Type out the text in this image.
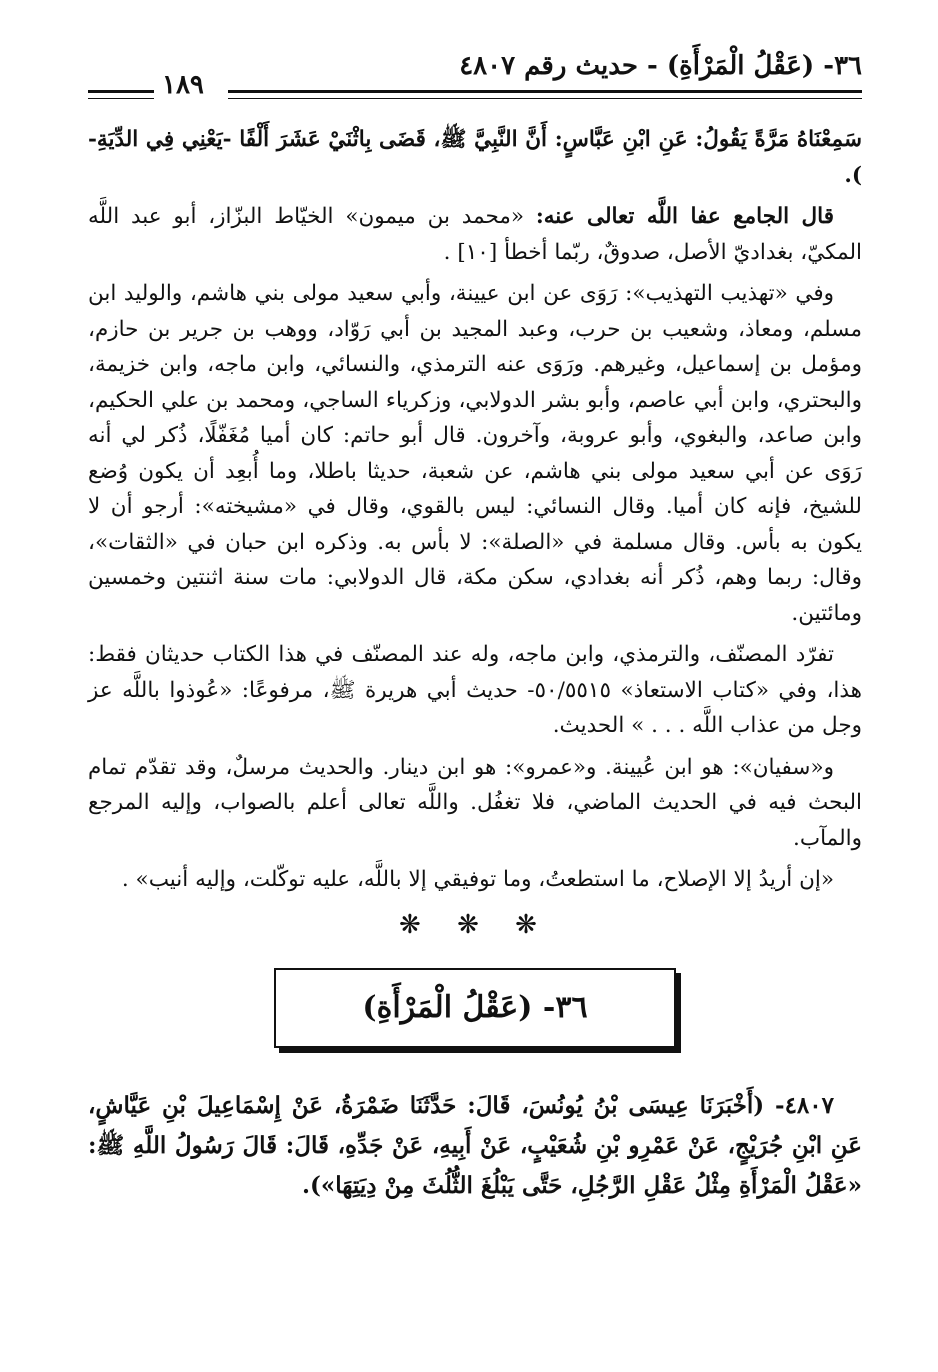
٣٦- (عَقْلُ الْمَرْأَةِ) - حديث رقم ٤٨٠٧
١٨٩

سَمِعْنَاهُ مَرَّةً يَقُولُ: عَنِ ابْنِ عَبَّاسٍ: أَنَّ النَّبِيَّ ﷺ، قَضَى بِاثْنَيْ عَشَرَ أَلْفًا -يَعْنِي فِي الدِّيَةِ- ).

قال الجامع عفا اللَّه تعالى عنه: «محمد بن ميمون» الخيّاط البزّاز، أبو عبد اللَّه المكيّ، بغداديّ الأصل، صدوقٌ، ربّما أخطأ [١٠] .

وفي «تهذيب التهذيب»: رَوَى عن ابن عيينة، وأبي سعيد مولى بني هاشم، والوليد ابن مسلم، ومعاذ، وشعيب بن حرب، وعبد المجيد بن أبي رَوّاد، ووهب بن جرير بن حازم، ومؤمل بن إسماعيل، وغيرهم. ورَوَى عنه الترمذي، والنسائي، وابن ماجه، وابن خزيمة، والبحتري، وابن أبي عاصم، وأبو بشر الدولابي، وزكرياء الساجي، ومحمد بن علي الحكيم، وابن صاعد، والبغوي، وأبو عروبة، وآخرون. قال أبو حاتم: كان أميا مُغَفّلًا، ذُكر لي أنه رَوَى عن أبي سعيد مولى بني هاشم، عن شعبة، حديثا باطلا، وما أُبعِد أن يكون وُضع للشيخ، فإنه كان أميا. وقال النسائي: ليس بالقوي، وقال في «مشيخته»: أرجو أن لا يكون به بأس. وقال مسلمة في «الصلة»: لا بأس به. وذكره ابن حبان في «الثقات»، وقال: ربما وهم، ذُكر أنه بغدادي، سكن مكة، قال الدولابي: مات سنة اثنتين وخمسين ومائتين.

تفرّد المصنّف، والترمذي، وابن ماجه، وله عند المصنّف في هذا الكتاب حديثان فقط: هذا، وفي «كتاب الاستعاذ» ٥٠/٥٥١٥- حديث أبي هريرة ﷺ، مرفوعًا: «عُوذوا باللَّه عز وجل من عذاب اللَّه . . . » الحديث.

و«سفيان»: هو ابن عُيينة. و«عمرو»: هو ابن دينار. والحديث مرسلٌ، وقد تقدّم تمام البحث فيه في الحديث الماضي، فلا تغفُل. واللَّه تعالى أعلم بالصواب، وإليه المرجع والمآب.

«إن أريدُ إلا الإصلاح، ما استطعتُ، وما توفيقي إلا باللَّه، عليه توكّلت، وإليه أنيب» .

❋ ❋ ❋
٣٦- (عَقْلُ الْمَرْأَةِ)

٤٨٠٧- (أَخْبَرَنَا عِيسَى بْنُ يُونُسَ، قَالَ: حَدَّثَنَا ضَمْرَةُ، عَنْ إِسْمَاعِيلَ بْنِ عَيَّاشٍ، عَنِ ابْنِ جُرَيْجٍ، عَنْ عَمْرِو بْنِ شُعَيْبٍ، عَنْ أَبِيهِ، عَنْ جَدِّهِ، قَالَ: قَالَ رَسُولُ اللَّهِ ﷺ: «عَقْلُ الْمَرْأَةِ مِثْلُ عَقْلِ الرَّجُلِ، حَتَّى يَبْلُغَ الثُّلُثَ مِنْ دِيَتِهَا»).
